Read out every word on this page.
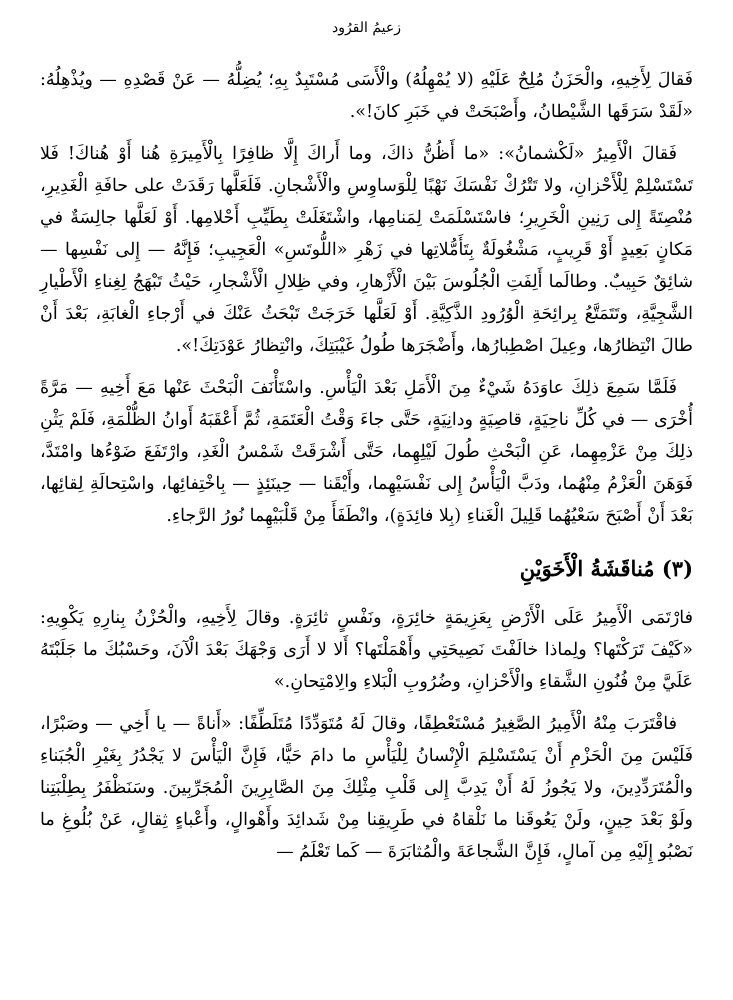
زعيمُ القرُود

فَقالَ لِأَخِيهِ، والْحَزَنُ مُلِحٌ عَلَيْهِ (لا يُمْهِلُهُ) والْأَسَى مُسْتَبِدٌ بِهِ؛ يُضِلُّهُ — عَنْ قَصْدِهِ — ويُذْهِلُهُ: «لَقَدْ سَرَقَها الشَّيْطانُ، وأَصْبَحَتْ في خَبَرِ كانَ!».

فَقالَ الْأَمِيرُ «لَكْشمانُ»: «ما أَظُنُّ ذاكَ، وما أَراكَ إِلَّا ظافِرًا بِالْأَمِيرَةِ هُنا أَوْ هُناكَ! فَلا تَسْتَسْلِمْ لِلْأَحْزانِ، ولا تَتْرُكْ نَفْسَكَ نَهْبًا لِلْوَساوِسِ والْأَشْجانِ. فَلَعَلَّها رَقَدَتْ على حافَةِ الْغَدِيرِ، مُنْصِتَةً إِلى رَنِينِ الْخَرِيرِ؛ فاسْتَسْلَمَتْ لِمَنامِها، واشْتَغَلَتْ بِطَيِّبِ أَحْلامِها. أَوْ لَعَلَّها جالِسَةٌ في مَكانٍ بَعِيدٍ أَوْ قَرِيبٍ، مَشْغُولَةٌ بِتَأَمُّلاتِها في زَهْرِ «اللُّوتَسِ» الْعَجِيبِ؛ فَإِنَّهُ — إِلى نَفْسِها — شائِقٌ حَبِيبٌ. وطالَما أَلِفَتِ الْجُلُوسَ بَيْنَ الْأَزْهارِ، وفي ظِلالِ الْأَشْجارِ، حَيْثُ تَبْهَجُ لِغِناءِ الْأَطْيارِ الشَّجِيَّةِ، وتَتَمَتَّعُ بِرائِحَةِ الْوُرُودِ الذَّكِيَّةِ. أَوْ لَعَلَّها خَرَجَتْ تَبْحَثُ عَنْكَ في أَرْجاءِ الْغابَةِ، بَعْدَ أَنْ طالَ انْتِظارُها، وعِيلَ اصْطِبارُها، وأَضْجَرَها طُولُ غَيْبَتِكَ، وانْتِظارُ عَوْدَتِكَ!».

فَلَمَّا سَمِعَ ذلِكَ عاوَدَهُ شَيْءٌ مِنَ الْأَمَلِ بَعْدَ الْيَأْسِ. واسْتَأْنَفَ الْبَحْثَ عَنْها مَعَ أَخِيهِ — مَرَّةً أُخْرَى — في كُلِّ ناحِيَةٍ، قاصِيَةٍ ودانِيَةٍ، حَتَّى جاءَ وَقْتُ الْعَتَمَةِ، ثُمَّ أَعْقَبَهُ أَوانُ الظُّلْمَةِ، فَلَمْ يَثْنِ ذلِكَ مِنْ عَزْمِهِما، عَنِ الْبَحْثِ طُولَ لَيْلِهِما، حَتَّى أَشْرَقَتْ شَمْسُ الْغَدِ، وارْتَفَعَ ضَوْءُها وامْتَدَّ، فَوَهَنَ الْعَزْمُ مِنْهُما، ودَبَّ الْيَأْسُ إِلى نَفْسَيْهِما، وأَيْقَنا — حِينَئِذٍ — بِاخْتِفائِها، واسْتِحالَةِ لِقائِها، بَعْدَ أَنْ أَصْبَحَ سَعْيُهُما قَلِيلَ الْغَناءِ (بِلا فائِدَةٍ)، وانْطَفَأَ مِنْ قَلْبَيْهِما نُورُ الرَّجاءِ.

(٣) مُناقَشَةُ الْأَخَوَيْنِ

فارْتَمَى الْأَمِيرُ عَلَى الْأَرْضِ بِعَزِيمَةٍ خائِرَةٍ، ونَفْسٍ ثائِرَةٍ. وقالَ لِأَخِيهِ، والْحُزْنُ بِنارِهِ يَكْوِيهِ: «كَيْفَ تَرَكْتَها؟ ولِماذا خالَفْتَ نَصِيحَتِي وأَهْمَلْتَها؟ أَلا لا أَرَى وَجْهَكَ بَعْدَ الْآنَ، وحَسْبُكَ ما جَلَبْتَهُ عَلَيَّ مِنْ فُنُونِ الشَّقاءِ والْأَحْزانِ، وضُرُوبِ الْبَلاءِ والِامْتِحانِ.»

فاقْتَرَبَ مِنْهُ الْأَمِيرُ الصَّغِيرُ مُسْتَعْطِفًا، وقالَ لَهُ مُتَوَدِّدًا مُتَلَطِّفًا: «أَناةً — يا أَخِي — وصَبْرًا، فَلَيْسَ مِنَ الْحَزْمِ أَنْ يَسْتَسْلِمَ الْإِنْسانُ لِلْيَأْسِ ما دامَ حَيًّا، فَإِنَّ الْيَأْسَ لا يَجْدُرُ بِغَيْرِ الْجُبَناءِ والْمُتَرَدِّدِينَ، ولا يَجُوزُ لَهُ أَنْ يَدِبَّ إِلى قَلْبِ مِثْلِكَ مِنَ الصَّابِرِينَ الْمُجَرِّبِينَ. وسَنَظْفَرُ بِطِلْبَتِنا ولَوْ بَعْدَ حِينٍ، ولَنْ يَعُوقَنا ما نَلْقاهُ في طَرِيقِنا مِنْ شَدائِدَ وأَهْوالٍ، وأَعْباءٍ ثِقالٍ، عَنْ بُلُوغِ ما نَصْبُو إِلَيْهِ مِن آمالٍ، فَإِنَّ الشَّجاعَةَ والْمُثابَرَةَ — كَما تَعْلَمُ —
